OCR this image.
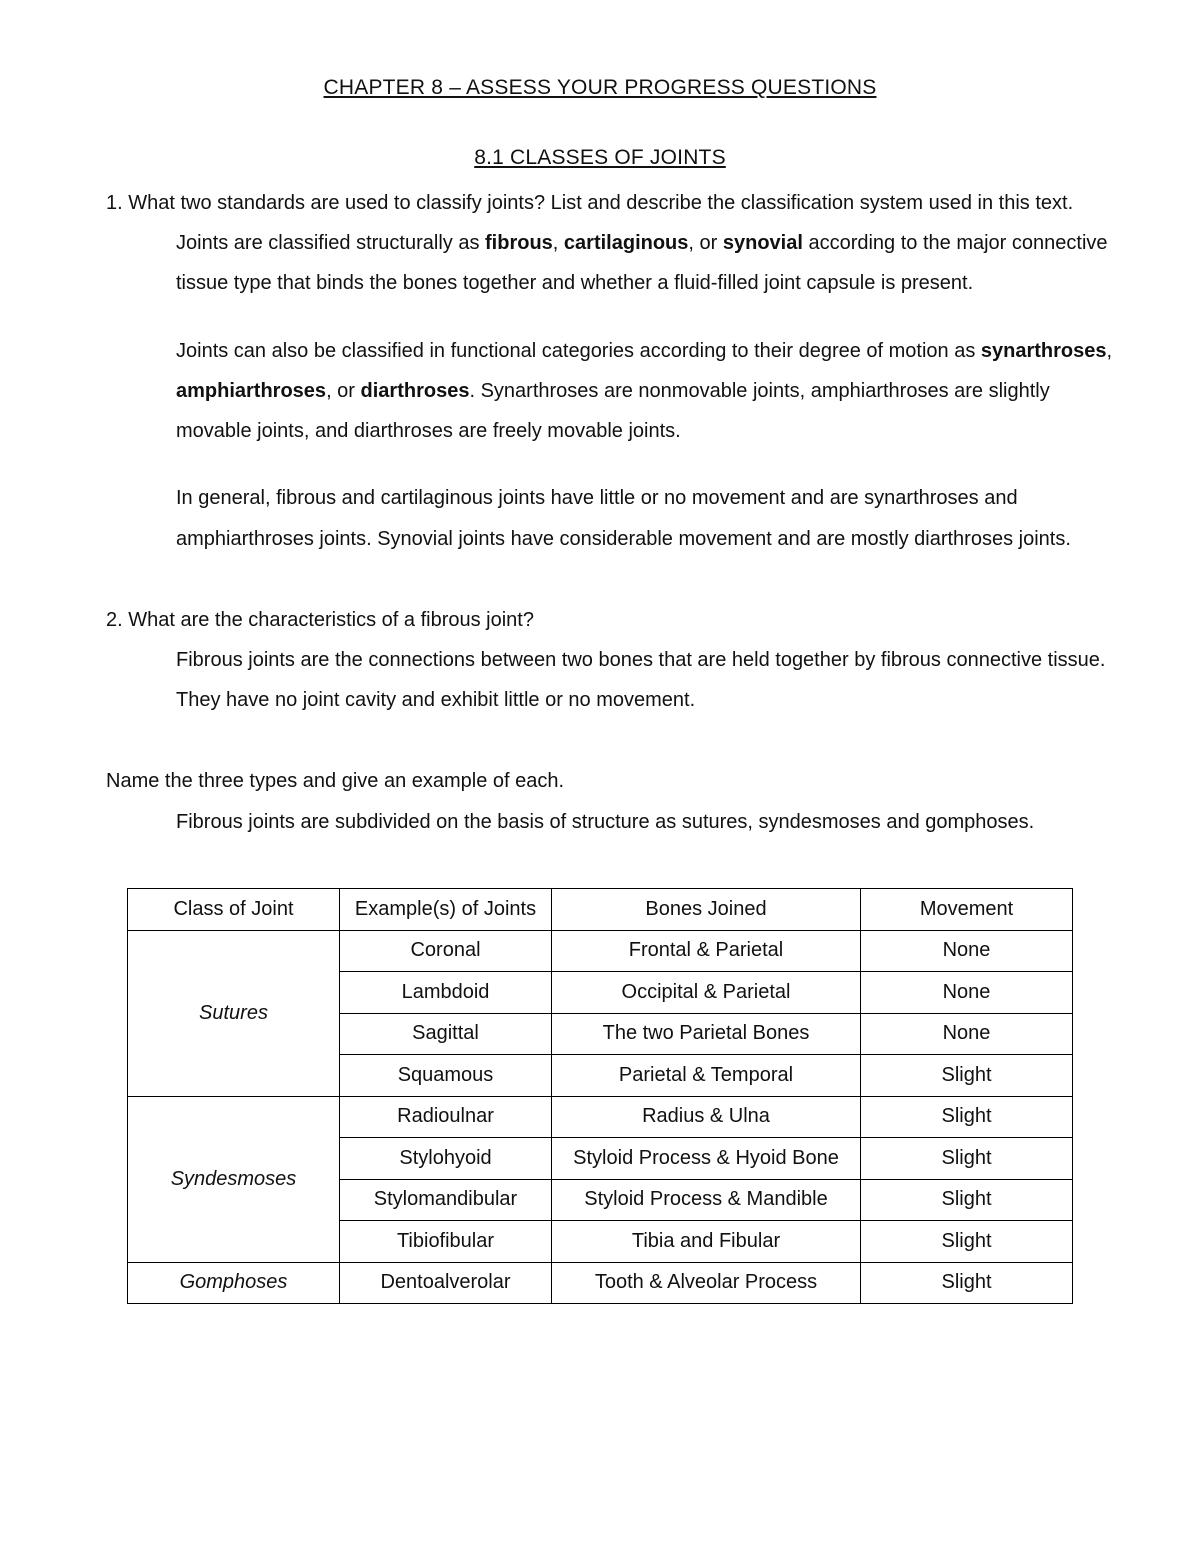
CHAPTER 8 – ASSESS YOUR PROGRESS QUESTIONS
8.1 CLASSES OF JOINTS
1. What two standards are used to classify joints? List and describe the classification system used in this text.
Joints are classified structurally as fibrous, cartilaginous, or synovial according to the major connective
tissue type that binds the bones together and whether a fluid-filled joint capsule is present.
Joints can also be classified in functional categories according to their degree of motion as synarthroses,
amphiarthroses, or diarthroses. Synarthroses are nonmovable joints, amphiarthroses are slightly
movable joints, and diarthroses are freely movable joints.
In general, fibrous and cartilaginous joints have little or no movement and are synarthroses and
amphiarthroses joints. Synovial joints have considerable movement and are mostly diarthroses joints.
2. What are the characteristics of a fibrous joint?
Fibrous joints are the connections between two bones that are held together by fibrous connective tissue.
They have no joint cavity and exhibit little or no movement.
Name the three types and give an example of each.
Fibrous joints are subdivided on the basis of structure as sutures, syndesmoses and gomphoses.
Class of Joint	Example(s) of Joints	Bones Joined	Movement
Sutures	Coronal	Frontal & Parietal	None
	Lambdoid	Occipital & Parietal	None
	Sagittal	The two Parietal Bones	None
	Squamous	Parietal & Temporal	Slight
Syndesmoses	Radioulnar	Radius & Ulna	Slight
	Stylohyoid	Styloid Process & Hyoid Bone	Slight
	Stylomandibular	Styloid Process & Mandible	Slight
	Tibiofibular	Tibia and Fibular	Slight
Gomphoses	Dentoalverolar	Tooth & Alveolar Process	Slight
